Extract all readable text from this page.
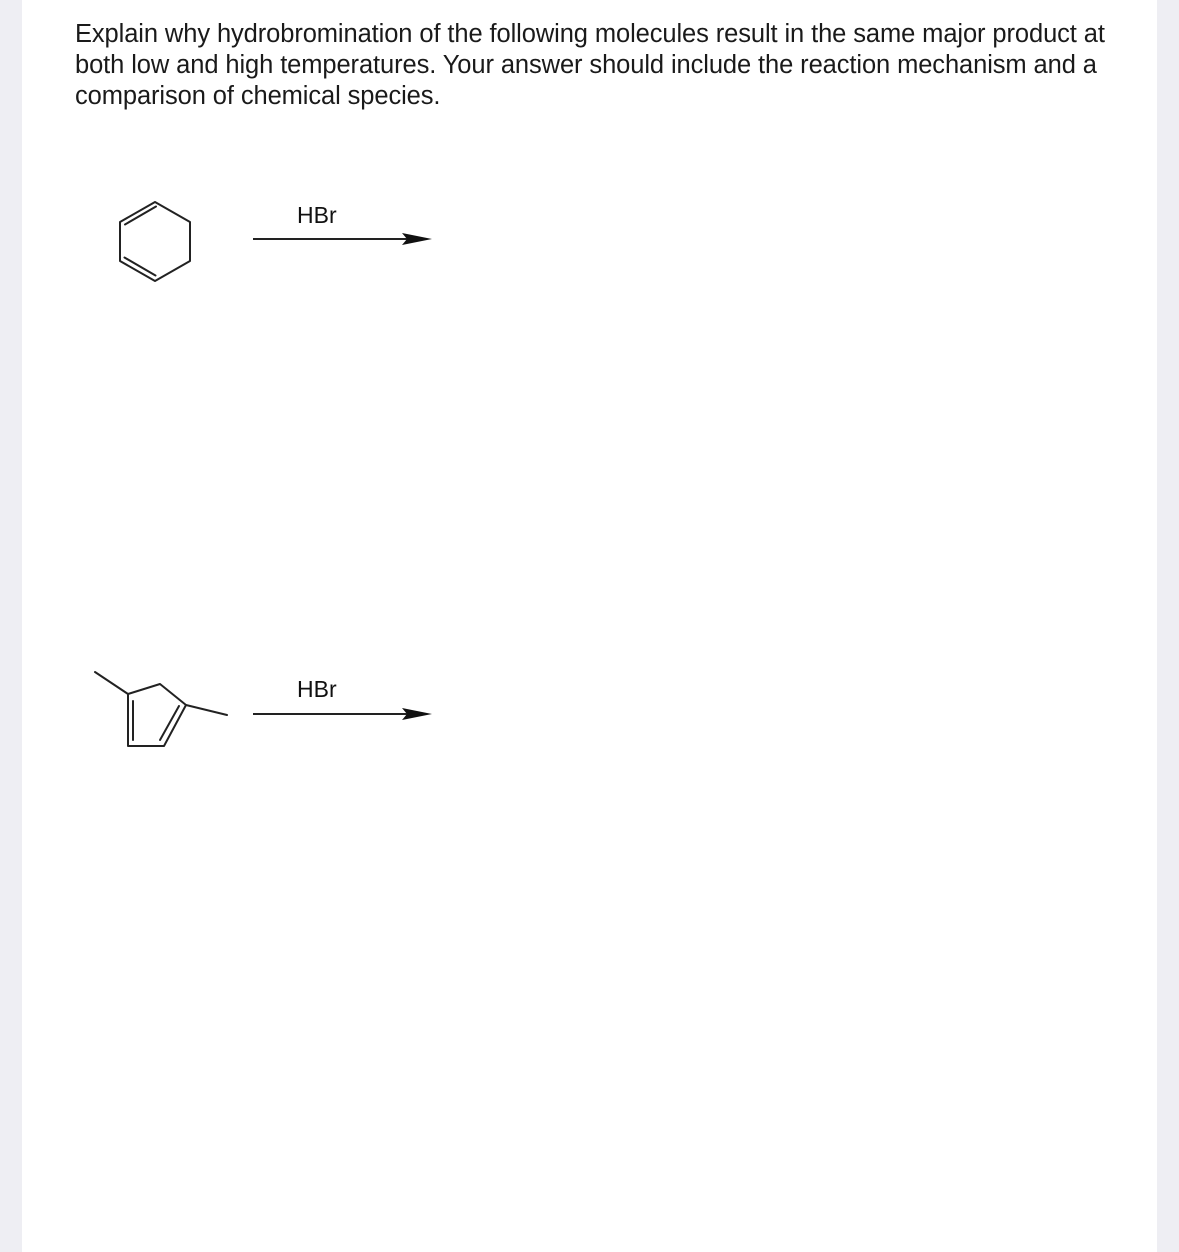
Explain why hydrobromination of the following molecules result in the same major product at both low and high temperatures. Your answer should include the reaction mechanism and a comparison of chemical species.

HBr
HBr
